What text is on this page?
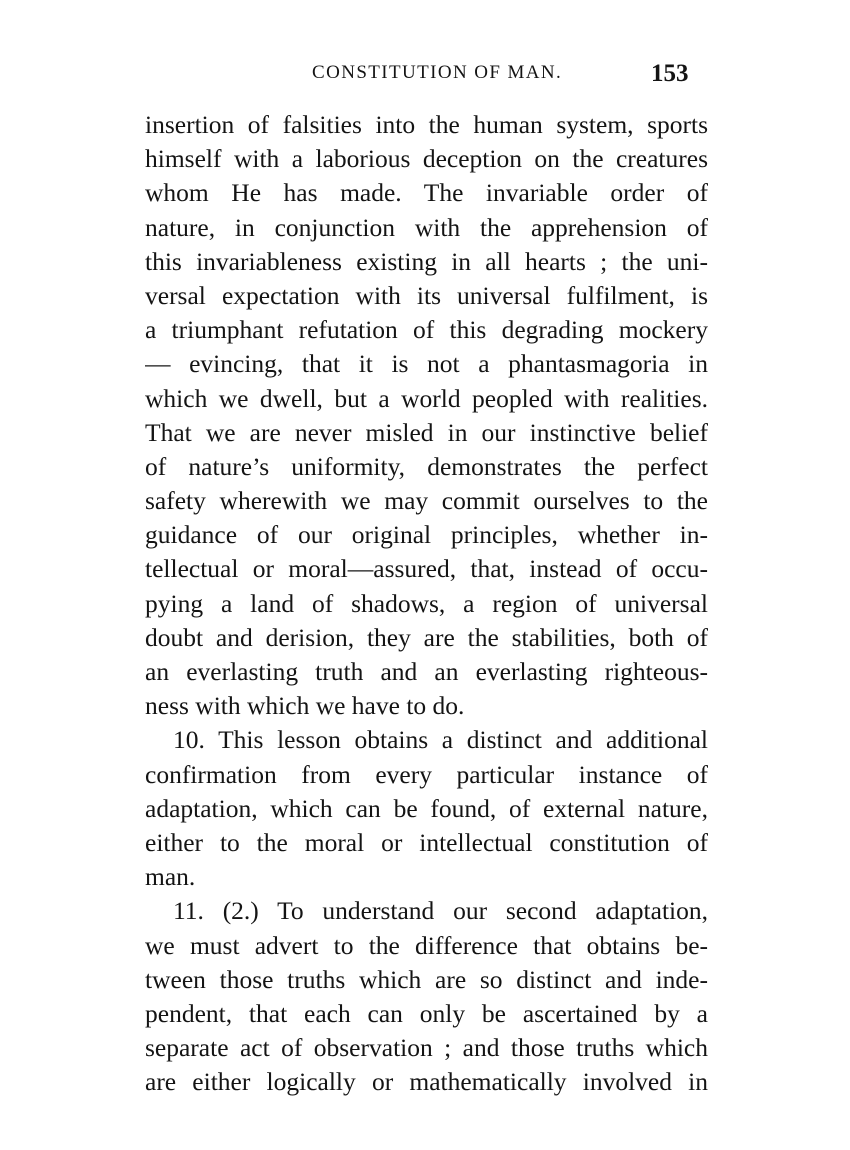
CONSTITUTION OF MAN.	153
insertion of falsities into the human system, sports
himself with a laborious deception on the creatures
whom He has made. The invariable order of
nature, in conjunction with the apprehension of
this invariableness existing in all hearts ; the uni-
versal expectation with its universal fulfilment, is
a triumphant refutation of this degrading mockery
— evincing, that it is not a phantasmagoria in
which we dwell, but a world peopled with realities.
That we are never misled in our instinctive belief
of nature’s uniformity, demonstrates the perfect
safety wherewith we may commit ourselves to the
guidance of our original principles, whether in-
tellectual or moral—assured, that, instead of occu-
pying a land of shadows, a region of universal
doubt and derision, they are the stabilities, both of
an everlasting truth and an everlasting righteous-
ness with which we have to do.
10. This lesson obtains a distinct and additional
confirmation from every particular instance of
adaptation, which can be found, of external nature,
either to the moral or intellectual constitution of
man.
11. (2.) To understand our second adaptation,
we must advert to the difference that obtains be-
tween those truths which are so distinct and inde-
pendent, that each can only be ascertained by a
separate act of observation ; and those truths which
are either logically or mathematically involved in
